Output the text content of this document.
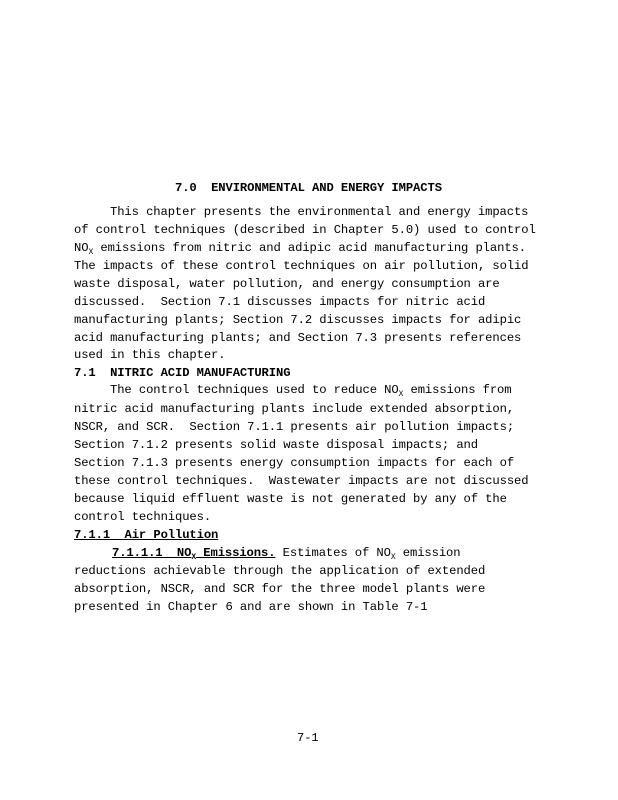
7.0  ENVIRONMENTAL AND ENERGY IMPACTS
This chapter presents the environmental and energy impacts
of control techniques (described in Chapter 5.0) used to control
$NO_X$ emissions from nitric and adipic acid manufacturing plants.
The impacts of these control techniques on air pollution, solid
waste disposal, water pollution, and energy consumption are
discussed.  Section 7.1 discusses impacts for nitric acid
manufacturing plants; Section 7.2 discusses impacts for adipic
acid manufacturing plants; and Section 7.3 presents references
used in this chapter.
7.1  NITRIC ACID MANUFACTURING
The control techniques used to reduce $NO_X$ emissions from
nitric acid manufacturing plants include extended absorption,
NSCR, and SCR.  Section 7.1.1 presents air pollution impacts;
Section 7.1.2 presents solid waste disposal impacts; and
Section 7.1.3 presents energy consumption impacts for each of
these control techniques.  Wastewater impacts are not discussed
because liquid effluent waste is not generated by any of the
control techniques.
7.1.1  Air Pollution
7.1.1.1  $NO_X$ Emissions. Estimates of $NO_X$ emission
reductions achievable through the application of extended
absorption, NSCR, and SCR for the three model plants were
presented in Chapter 6 and are shown in Table 7-1
7-1
